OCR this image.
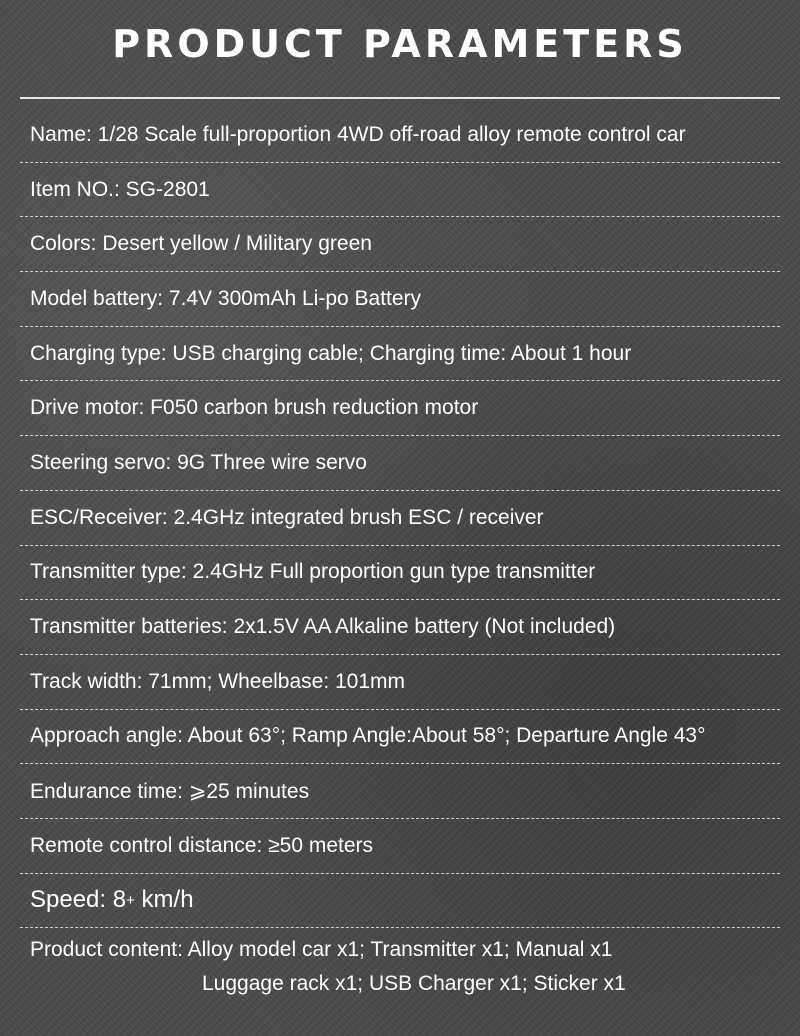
PRODUCT PARAMETERS
Name: 1/28 Scale full-proportion 4WD off-road alloy remote control car
Item NO.: SG-2801
Colors: Desert yellow / Military green
Model battery: 7.4V 300mAh Li-po Battery
Charging type: USB charging cable; Charging time: About 1 hour
Drive motor: F050 carbon brush reduction motor
Steering servo: 9G Three wire servo
ESC/Receiver: 2.4GHz integrated brush ESC / receiver
Transmitter type: 2.4GHz Full proportion gun type transmitter
Transmitter batteries: 2x1.5V AA Alkaline battery (Not included)
Track width: 71mm; Wheelbase: 101mm
Approach angle: About 63°; Ramp Angle:About 58°; Departure Angle 43°
Endurance time: ⩾25 minutes
Remote control distance: ≥50 meters
Speed: 8 + km/h
Product content: Alloy model car x1; Transmitter x1; Manual x1
Luggage rack x1; USB Charger x1; Sticker x1
